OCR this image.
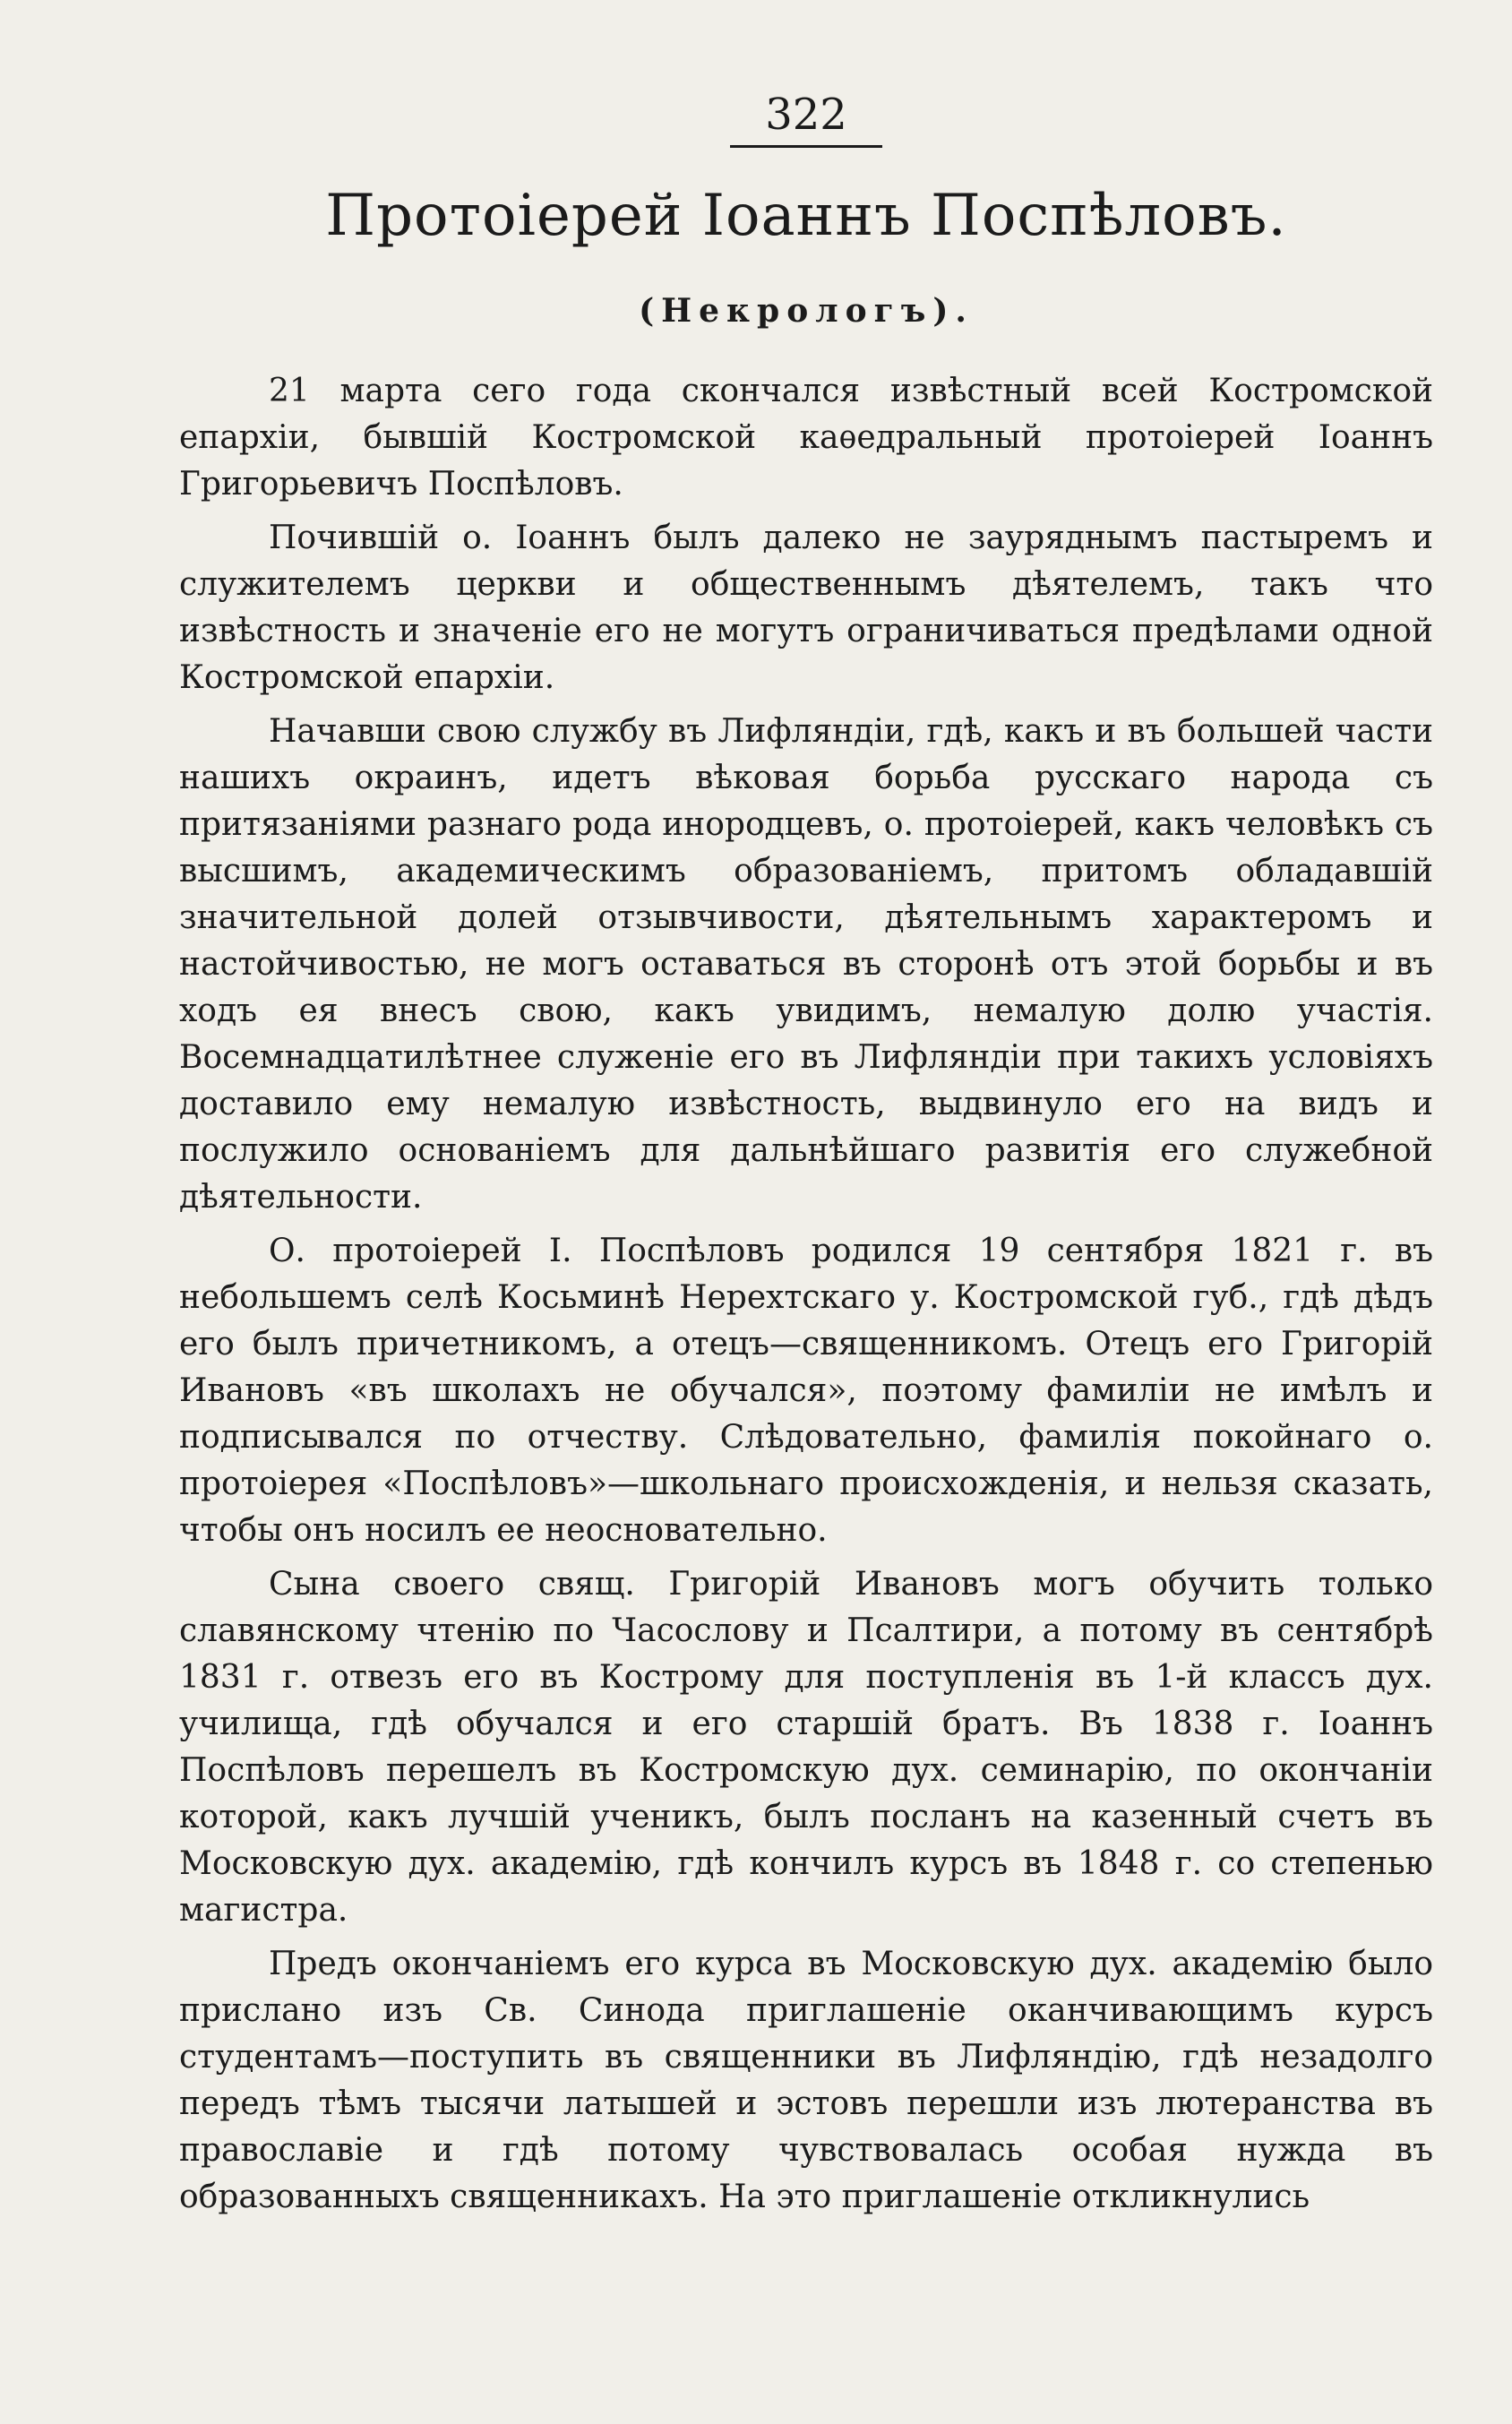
322

Протоіерей Іоаннъ Поспѣловъ.
(Некрологъ).

21 марта сего года скончался извѣстный всей Костромской епархіи, бывшій Костромской каѳедральный протоіерей Іоаннъ Григорьевичъ Поспѣловъ.

Почившій о. Іоаннъ былъ далеко не зауряднымъ пастыремъ и служителемъ церкви и общественнымъ дѣятелемъ, такъ что извѣстность и значеніе его не могутъ ограничиваться предѣлами одной Костромской епархіи.

Начавши свою службу въ Лифляндіи, гдѣ, какъ и въ большей части нашихъ окраинъ, идетъ вѣковая борьба русскаго народа съ притязаніями разнаго рода инородцевъ, о. протоіерей, какъ человѣкъ съ высшимъ, академическимъ образованіемъ, притомъ обладавшій значительной долей отзывчивости, дѣятельнымъ характеромъ и настойчивостью, не могъ оставаться въ сторонѣ отъ этой борьбы и въ ходъ ея внесъ свою, какъ увидимъ, немалую долю участія. Восемнадцатилѣтнее служеніе его въ Лифляндіи при такихъ условіяхъ доставило ему немалую извѣстность, выдвинуло его на видъ и послужило основаніемъ для дальнѣйшаго развитія его служебной дѣятельности.

О. протоіерей І. Поспѣловъ родился 19 сентября 1821 г. въ небольшемъ селѣ Косьминѣ Нерехтскаго у. Костромской губ., гдѣ дѣдъ его былъ причетникомъ, а отецъ—священникомъ. Отецъ его Григорій Ивановъ «въ школахъ не обучался», поэтому фамиліи не имѣлъ и подписывался по отчеству. Слѣдовательно, фамилія покойнаго о. протоіерея «Поспѣловъ»—школьнаго происхожденія, и нельзя сказать, чтобы онъ носилъ ее неосновательно.

Сына своего свящ. Григорій Ивановъ могъ обучить только славянскому чтенію по Часослову и Псалтири, а потому въ сентябрѣ 1831 г. отвезъ его въ Кострому для поступленія въ 1-й классъ дух. училища, гдѣ обучался и его старшій братъ. Въ 1838 г. Іоаннъ Поспѣловъ перешелъ въ Костромскую дух. семинарію, по окончаніи которой, какъ лучшій ученикъ, былъ посланъ на казенный счетъ въ Московскую дух. академію, гдѣ кончилъ курсъ въ 1848 г. со степенью магистра.

Предъ окончаніемъ его курса въ Московскую дух. академію было прислано изъ Св. Синода приглашеніе оканчивающимъ курсъ студентамъ—поступить въ священники въ Лифляндію, гдѣ незадолго передъ тѣмъ тысячи латышей и эстовъ перешли изъ лютеранства въ православіе и гдѣ потому чувствовалась особая нужда въ образованныхъ священникахъ. На это приглашеніе откликнулись
